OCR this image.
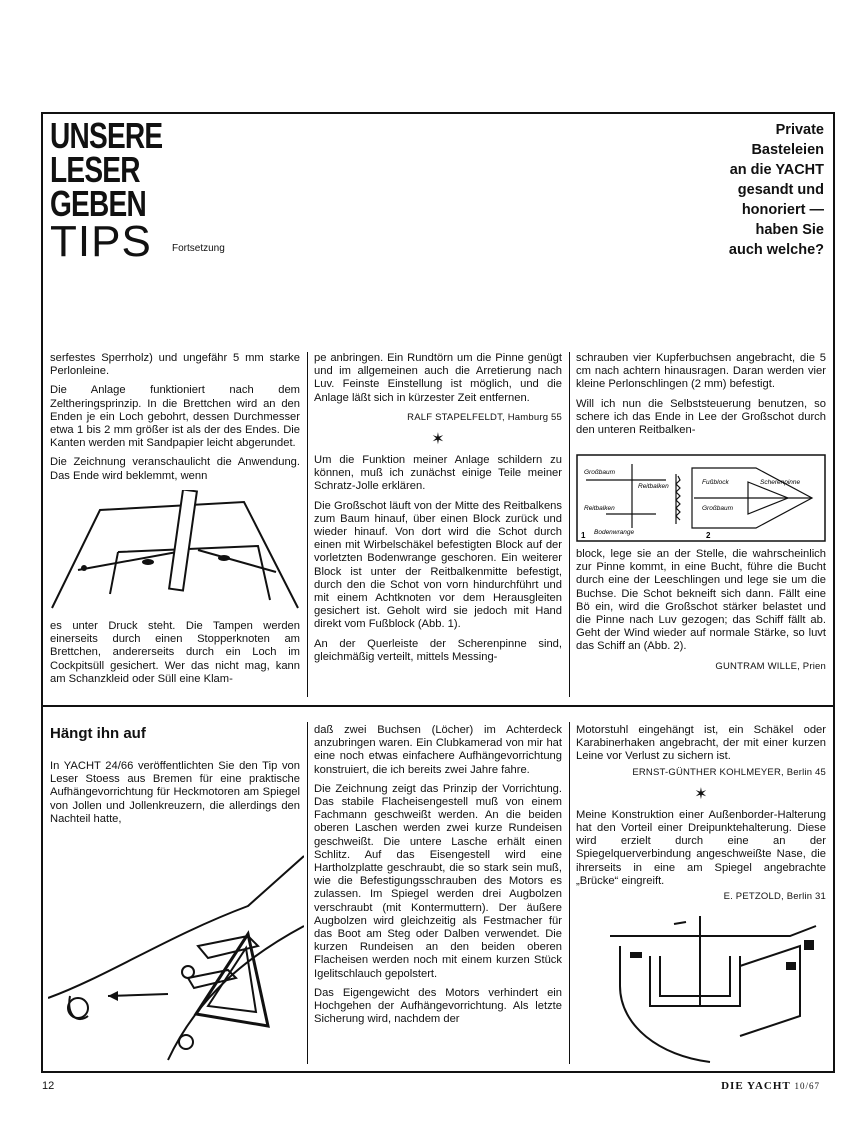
UNSERE
LESER
GEBEN
TIPS Fortsetzung
Private
Basteleien
an die YACHT
gesandt und
honoriert —
haben Sie
auch welche?

serfestes Sperrholz) und ungefähr 5 mm starke Perlonleine.

Die Anlage funktioniert nach dem Zeltheringsprinzip. In die Brettchen wird an den Enden je ein Loch gebohrt, dessen Durchmesser etwa 1 bis 2 mm größer ist als der des Endes. Die Kanten werden mit Sandpapier leicht abgerundet.

Die Zeichnung veranschaulicht die Anwendung. Das Ende wird beklemmt, wenn

es unter Druck steht. Die Tampen werden einerseits durch einen Stopperknoten am Brettchen, andererseits durch ein Loch im Cockpitsüll gesichert. Wer das nicht mag, kann am Schanzkleid oder Süll eine Klam-

pe anbringen. Ein Rundtörn um die Pinne genügt und im allgemeinen auch die Arretierung nach Luv. Feinste Einstellung ist möglich, und die Anlage läßt sich in kürzester Zeit entfernen.

RALF STAPELFELDT, Hamburg 55
✶

Um die Funktion meiner Anlage schildern zu können, muß ich zunächst einige Teile meiner Schratz-Jolle erklären.

Die Großschot läuft von der Mitte des Reitbalkens zum Baum hinauf, über einen Block zurück und wieder hinauf. Von dort wird die Schot durch einen mit Wirbelschäkel befestigten Block auf der vorletzten Bodenwrange geschoren. Ein weiterer Block ist unter der Reitbalkenmitte befestigt, durch den die Schot von vorn hindurchführt und mit einem Achtknoten vor dem Herausgleiten gesichert ist. Geholt wird sie jedoch mit Hand direkt vom Fußblock (Abb. 1).

An der Querleiste der Scherenpinne sind, gleichmäßig verteilt, mittels Messing-

schrauben vier Kupferbuchsen angebracht, die 5 cm nach achtern hinausragen. Daran werden vier kleine Perlonschlingen (2 mm) befestigt.

Will ich nun die Selbststeuerung benutzen, so schere ich das Ende in Lee der Großschot durch den unteren Reitbalken-

Großbaum
Reitbalken
Reitbalken
Bodenwrange
Fußblock
Großbaum
Scherenpinne
1	2

block, lege sie an der Stelle, die wahrscheinlich zur Pinne kommt, in eine Bucht, führe die Bucht durch eine der Leeschlingen und lege sie um die Buchse. Die Schot bekneift sich dann. Fällt eine Bö ein, wird die Großschot stärker belastet und die Pinne nach Luv gezogen; das Schiff fällt ab. Geht der Wind wieder auf normale Stärke, so luvt das Schiff an (Abb. 2).

GUNTRAM WILLE, Prien
Hängt ihn auf

In YACHT 24/66 veröffentlichten Sie den Tip von Leser Stoess aus Bremen für eine praktische Aufhängevorrichtung für Heckmotoren am Spiegel von Jollen und Jollenkreuzern, die allerdings den Nachteil hatte,

daß zwei Buchsen (Löcher) im Achterdeck anzubringen waren. Ein Clubkamerad von mir hat eine noch etwas einfachere Aufhängevorrichtung konstruiert, die ich bereits zwei Jahre fahre.

Die Zeichnung zeigt das Prinzip der Vorrichtung. Das stabile Flacheisengestell muß von einem Fachmann geschweißt werden. An die beiden oberen Laschen werden zwei kurze Rundeisen geschweißt. Die untere Lasche erhält einen Schlitz. Auf das Eisengestell wird eine Hartholzplatte geschraubt, die so stark sein muß, wie die Befestigungsschrauben des Motors es zulassen. Im Spiegel werden drei Augbolzen verschraubt (mit Kontermuttern). Der äußere Augbolzen wird gleichzeitig als Festmacher für das Boot am Steg oder Dalben verwendet. Die kurzen Rundeisen an den beiden oberen Flacheisen werden noch mit einem kurzen Stück Igelitschlauch gepolstert.

Das Eigengewicht des Motors verhindert ein Hochgehen der Aufhängevorrichtung. Als letzte Sicherung wird, nachdem der

Motorstuhl eingehängt ist, ein Schäkel oder Karabinerhaken angebracht, der mit einer kurzen Leine vor Verlust zu sichern ist.

ERNST-GÜNTHER KOHLMEYER, Berlin 45
✶

Meine Konstruktion einer Außenborder-Halterung hat den Vorteil einer Dreipunktehalterung. Diese wird erzielt durch eine an der Spiegelquerverbindung angeschweißte Nase, die ihrerseits in eine am Spiegel angebrachte „Brücke“ eingreift.

E. PETZOLD, Berlin 31
12	DIE YACHT 10/67
